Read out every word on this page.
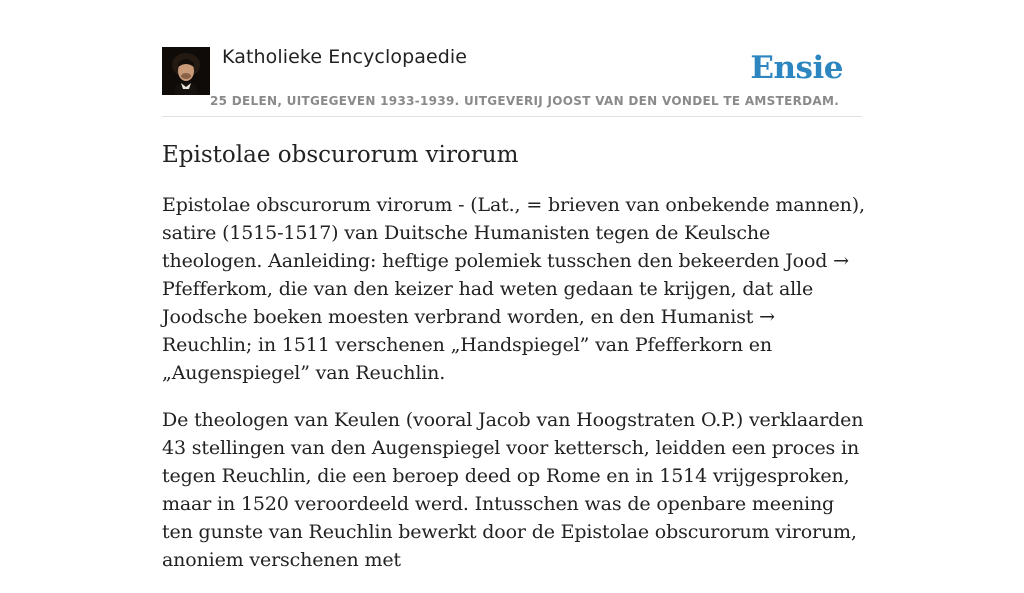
Katholieke Encyclopaedie	Ensie
25 DELEN, UITGEGEVEN 1933-1939. UITGEVERIJ JOOST VAN DEN VONDEL TE AMSTERDAM.
Epistolae obscurorum virorum

Epistolae obscurorum virorum - (Lat., = brieven van onbekende mannen), satire (1515-1517) van Duitsche Humanisten tegen de Keulsche theologen. Aanleiding: heftige polemiek tusschen den bekeerden Jood → Pfefferkom, die van den keizer had weten gedaan te krijgen, dat alle Joodsche boeken moesten verbrand worden, en den Humanist → Reuchlin; in 1511 verschenen „Handspiegel” van Pfefferkorn en „Augenspiegel” van Reuchlin.

De theologen van Keulen (vooral Jacob van Hoogstraten O.P.) verklaarden 43 stellingen van den Augenspiegel voor kettersch, leidden een proces in tegen Reuchlin, die een beroep deed op Rome en in 1514 vrijgesproken, maar in 1520 veroordeeld werd. Intusschen was de openbare meening ten gunste van Reuchlin bewerkt door de Epistolae obscurorum virorum, anoniem verschenen met
